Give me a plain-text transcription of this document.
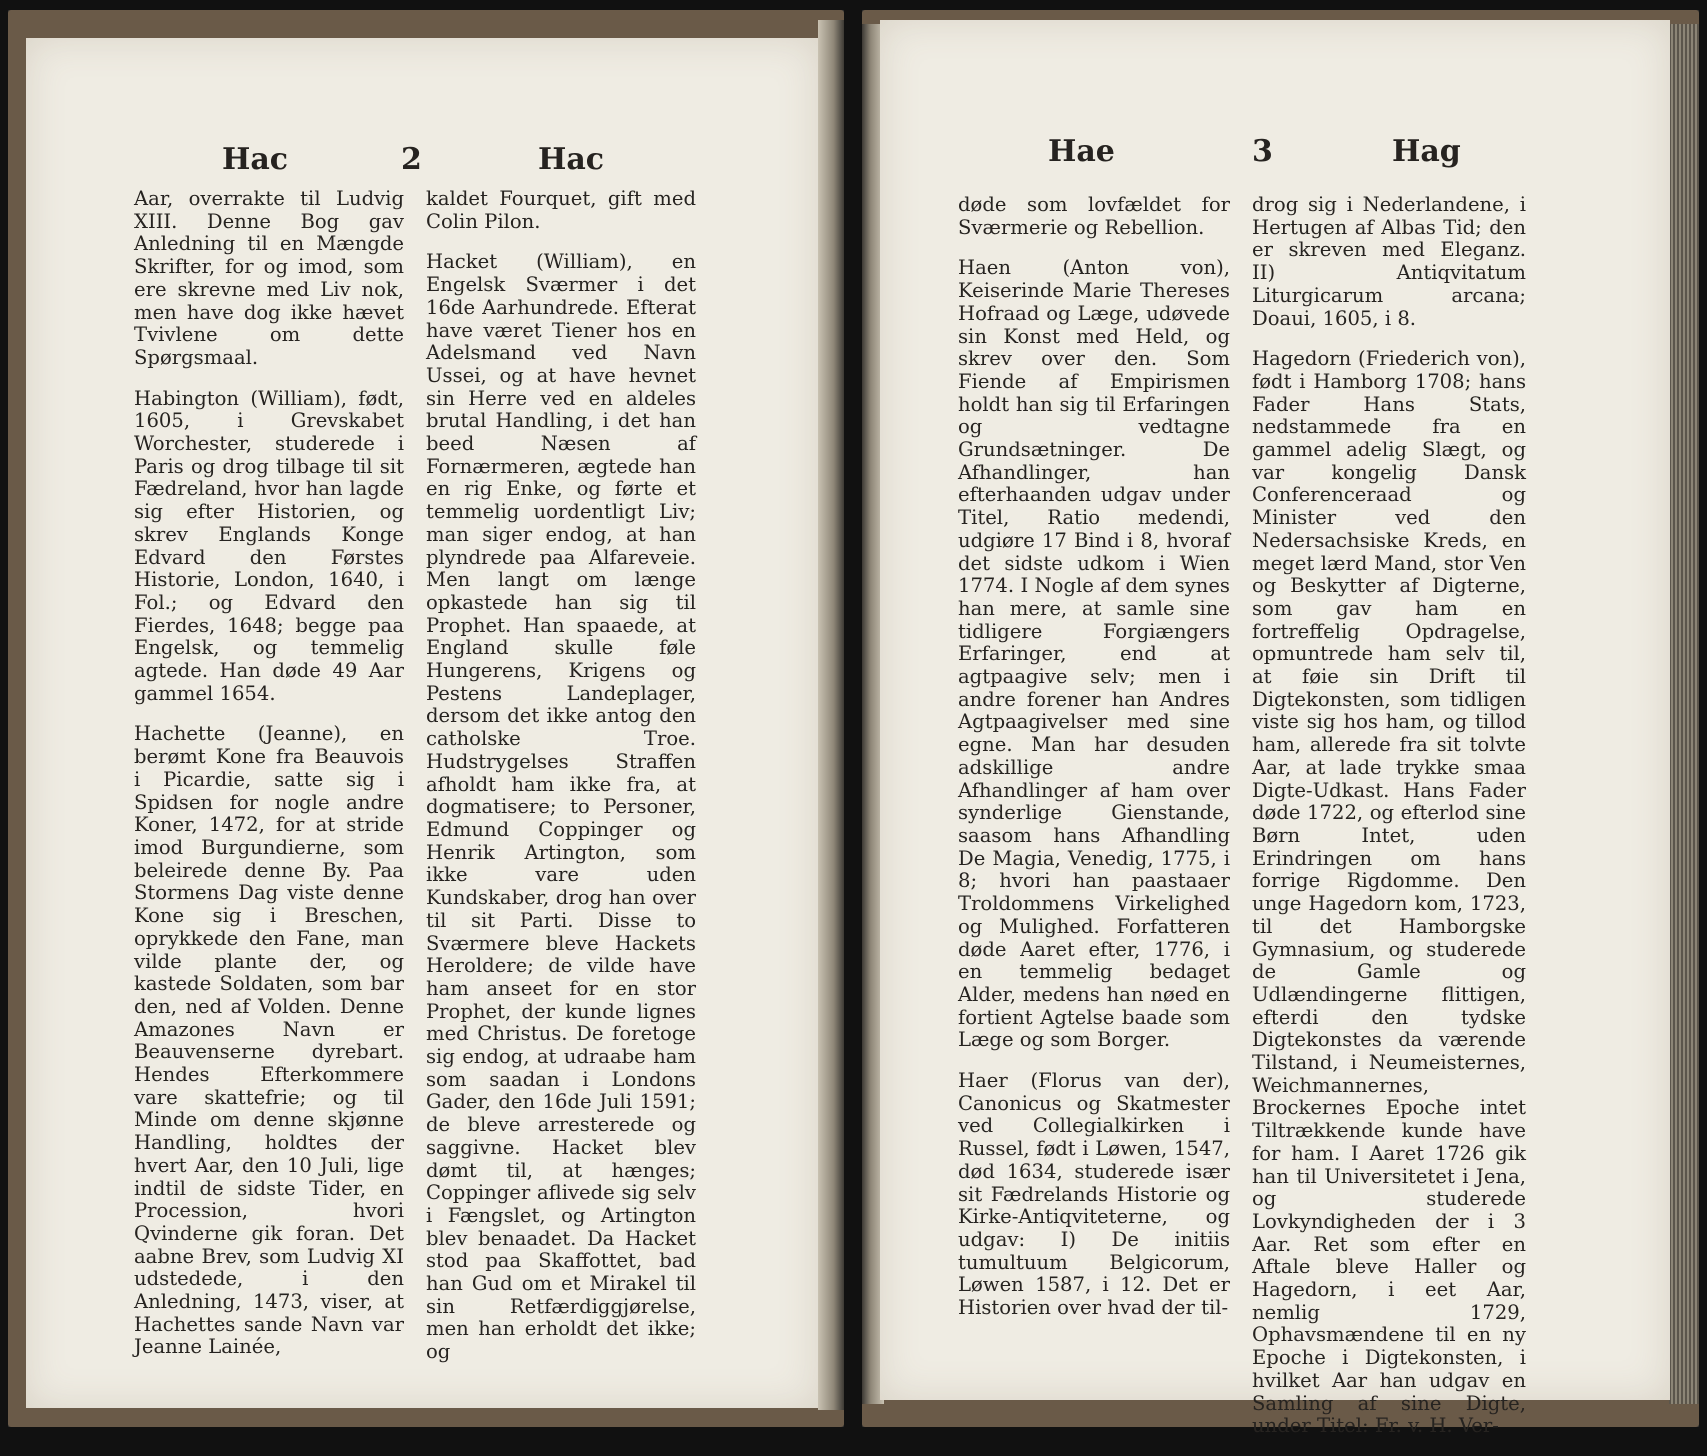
Hac	2	Hac

Aar, overrakte til Ludvig XIII. Denne Bog gav Anledning til en Mængde Skrifter, for og imod, som ere skrevne med Liv nok, men have dog ikke hævet Tvivlene om dette Spørgsmaal.

Habington (William), født, 1605, i Grevskabet Worchester, studerede i Paris og drog tilbage til sit Fædreland, hvor han lagde sig efter Historien, og skrev Englands Konge Edvard den Førstes Historie, London, 1640, i Fol.; og Edvard den Fierdes, 1648; begge paa Engelsk, og temmelig agtede. Han døde 49 Aar gammel 1654.

Hachette (Jeanne), en berømt Kone fra Beauvois i Picardie, satte sig i Spidsen for nogle andre Koner, 1472, for at stride imod Burgundierne, som beleirede denne By. Paa Stormens Dag viste denne Kone sig i Breschen, oprykkede den Fane, man vilde plante der, og kastede Soldaten, som bar den, ned af Volden. Denne Amazones Navn er Beauvenserne dyrebart. Hendes Efterkommere vare skattefrie; og til Minde om denne skjønne Handling, holdtes der hvert Aar, den 10 Juli, lige indtil de sidste Tider, en Procession, hvori Qvinderne gik foran. Det aabne Brev, som Ludvig XI udstedede, i den Anledning, 1473, viser, at Hachettes sande Navn var Jeanne Lainée,

kaldet Fourquet, gift med Colin Pilon.

Hacket (William), en Engelsk Sværmer i det 16de Aarhundrede. Efterat have været Tiener hos en Adelsmand ved Navn Ussei, og at have hevnet sin Herre ved en aldeles brutal Handling, i det han beed Næsen af Fornærmeren, ægtede han en rig Enke, og førte et temmelig uordentligt Liv; man siger endog, at han plyndrede paa Alfareveie. Men langt om længe opkastede han sig til Prophet. Han spaaede, at England skulle føle Hungerens, Krigens og Pestens Landeplager, dersom det ikke antog den catholske Troe. Hudstrygelses Straffen afholdt ham ikke fra, at dogmatisere; to Personer, Edmund Coppinger og Henrik Artington, som ikke vare uden Kundskaber, drog han over til sit Parti. Disse to Sværmere bleve Hackets Heroldere; de vilde have ham anseet for en stor Prophet, der kunde lignes med Christus. De foretoge sig endog, at udraabe ham som saadan i Londons Gader, den 16de Juli 1591; de bleve arresterede og saggivne. Hacket blev dømt til, at hænges; Coppinger aflivede sig selv i Fængslet, og Artington blev benaadet. Da Hacket stod paa Skaffottet, bad han Gud om et Mirakel til sin Retfærdiggjørelse, men han erholdt det ikke; og

Hae	3	Hag

døde som lovfældet for Sværmerie og Rebellion.

Haen (Anton von), Keiserinde Marie Thereses Hofraad og Læge, udøvede sin Konst med Held, og skrev over den. Som Fiende af Empirismen holdt han sig til Erfaringen og vedtagne Grundsætninger. De Afhandlinger, han efterhaanden udgav under Titel, Ratio medendi, udgiøre 17 Bind i 8, hvoraf det sidste udkom i Wien 1774. I Nogle af dem synes han mere, at samle sine tidligere Forgiængers Erfaringer, end at agtpaagive selv; men i andre forener han Andres Agtpaagivelser med sine egne. Man har desuden adskillige andre Afhandlinger af ham over synderlige Gienstande, saasom hans Afhandling De Magia, Venedig, 1775, i 8; hvori han paastaaer Troldommens Virkelighed og Mulighed. Forfatteren døde Aaret efter, 1776, i en temmelig bedaget Alder, medens han nøed en fortient Agtelse baade som Læge og som Borger.

Haer (Florus van der), Canonicus og Skatmester ved Collegialkirken i Russel, født i Løwen, 1547, død 1634, studerede især sit Fædrelands Historie og Kirke-Antiqviteterne, og udgav: I) De initiis tumultuum Belgicorum, Løwen 1587, i 12. Det er Historien over hvad der til-

drog sig i Nederlandene, i Hertugen af Albas Tid; den er skreven med Eleganz. II) Antiqvitatum Liturgicarum arcana; Doaui, 1605, i 8.

Hagedorn (Friederich von), født i Hamborg 1708; hans Fader Hans Stats, nedstammede fra en gammel adelig Slægt, og var kongelig Dansk Conferenceraad og Minister ved den Nedersachsiske Kreds, en meget lærd Mand, stor Ven og Beskytter af Digterne, som gav ham en fortreffelig Opdragelse, opmuntrede ham selv til, at føie sin Drift til Digtekonsten, som tidligen viste sig hos ham, og tillod ham, allerede fra sit tolvte Aar, at lade trykke smaa Digte-Udkast. Hans Fader døde 1722, og efterlod sine Børn Intet, uden Erindringen om hans forrige Rigdomme. Den unge Hagedorn kom, 1723, til det Hamborgske Gymnasium, og studerede de Gamle og Udlændingerne flittigen, efterdi den tydske Digtekonstes da værende Tilstand, i Neumeisternes, Weichmannernes, Brockernes Epoche intet Tiltrækkende kunde have for ham. I Aaret 1726 gik han til Universitetet i Jena, og studerede Lovkyndigheden der i 3 Aar. Ret som efter en Aftale bleve Haller og Hagedorn, i eet Aar, nemlig 1729, Ophavsmændene til en ny Epoche i Digtekonsten, i hvilket Aar han udgav en Samling af sine Digte, under Titel: Fr. v. H. Ver-
